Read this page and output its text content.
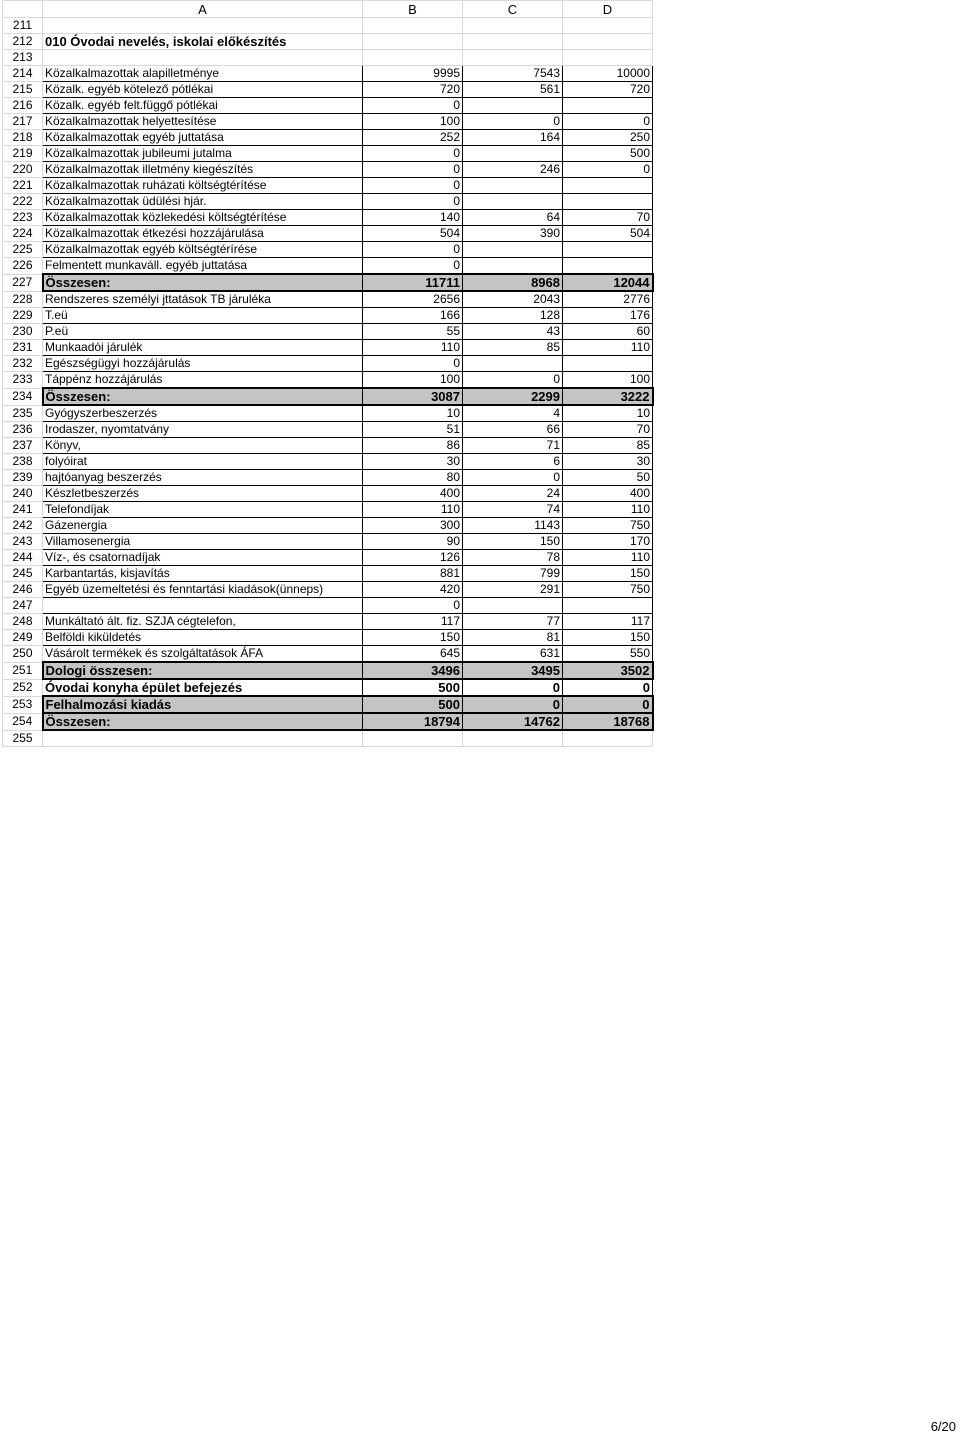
	A	B	C	D
211				
212	010 Óvodai nevelés, iskolai előkészítés			
213				
214	Közalkalmazottak alapilletménye	9995	7543	10000
215	Közalk. egyéb kötelező pótlékai	720	561	720
216	Közalk. egyéb felt.függő pótlékai	0		
217	Közalkalmazottak helyettesítése	100	0	0
218	Közalkalmazottak egyéb juttatása	252	164	250
219	Közalkalmazottak jubileumi jutalma	0		500
220	Közalkalmazottak illetmény kiegészítés	0	246	0
221	Közalkalmazottak ruházati költségtérítése	0		
222	Közalkalmazottak üdülési hjár.	0		
223	Közalkalmazottak közlekedési költségtérítése	140	64	70
224	Közalkalmazottak étkezési hozzájárulása	504	390	504
225	Közalkalmazottak egyéb költségtérírése	0		
226	Felmentett munkaváll. egyéb juttatása	0		
227	Összesen:	11711	8968	12044
228	Rendszeres személyi jttatások TB járuléka	2656	2043	2776
229	T.eü	166	128	176
230	P.eü	55	43	60
231	Munkaadói járulék	110	85	110
232	Egészségügyi hozzájárulás	0		
233	Táppénz hozzájárulás	100	0	100
234	Összesen:	3087	2299	3222
235	Gyógyszerbeszerzés	10	4	10
236	Irodaszer, nyomtatvány	51	66	70
237	Könyv,	86	71	85
238	folyóirat	30	6	30
239	hajtóanyag beszerzés	80	0	50
240	Készletbeszerzés	400	24	400
241	Telefondíjak	110	74	110
242	Gázenergia	300	1143	750
243	Villamosenergia	90	150	170
244	Víz-, és csatornadíjak	126	78	110
245	Karbantartás, kisjavítás	881	799	150
246	Egyéb üzemeltetési és fenntartási kiadások(ünneps)	420	291	750
247		0		
248	Munkáltató ált. fiz. SZJA cégtelefon,	117	77	117
249	Belföldi kiküldetés	150	81	150
250	Vásárolt termékek és szolgáltatások ÁFA	645	631	550
251	Dologi összesen:	3496	3495	3502
252	Óvodai konyha épület befejezés	500	0	0
253	Felhalmozási kiadás	500	0	0
254	Összesen:	18794	14762	18768
255				
6/20
